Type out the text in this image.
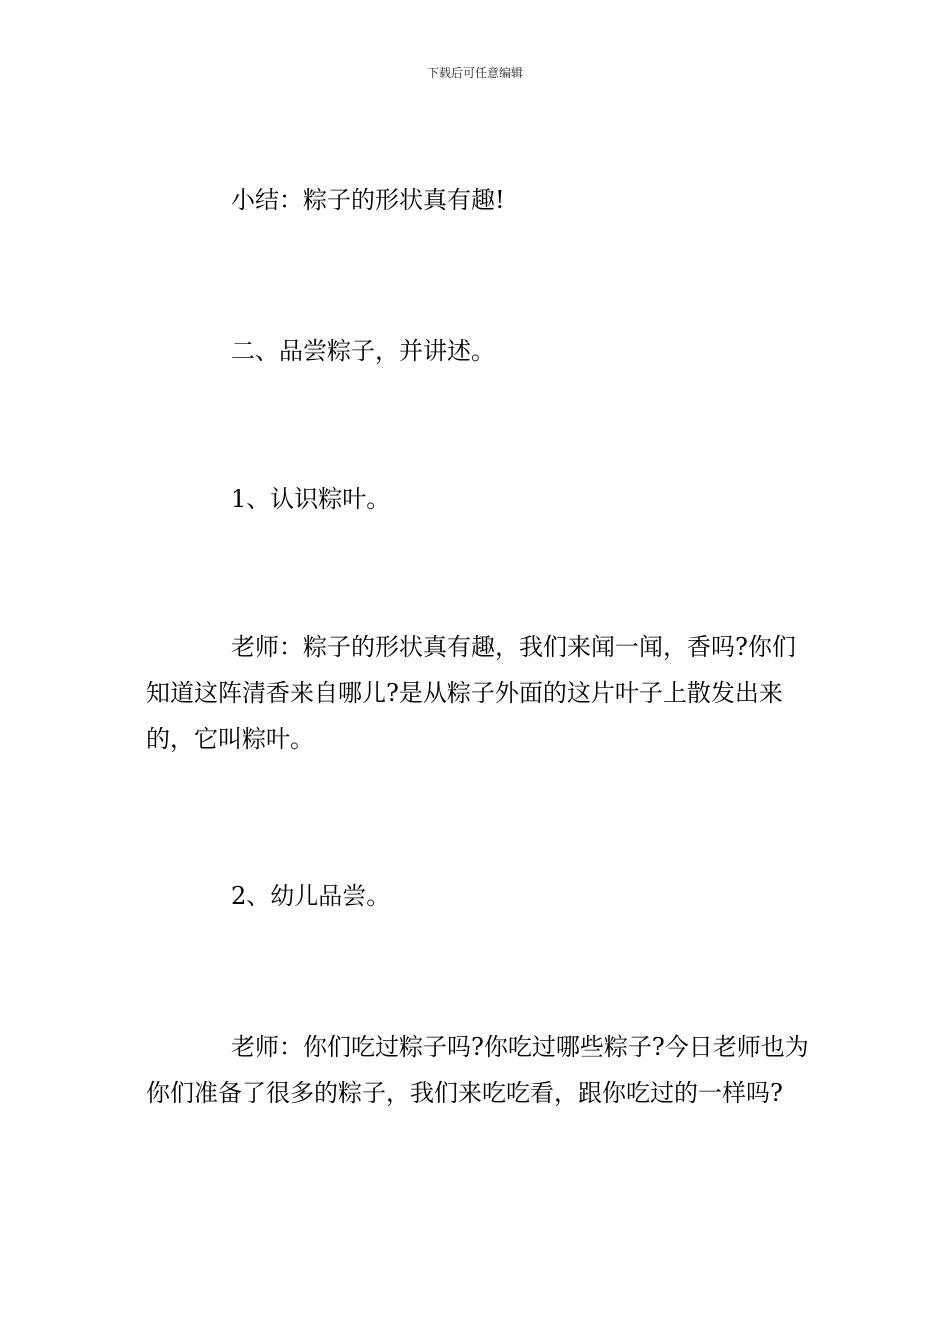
下载后可任意编辑

小结：粽子的形状真有趣!

二、品尝粽子，并讲述。

1、认识粽叶。

老师：粽子的形状真有趣，我们来闻一闻，香吗?你们知道这阵清香来自哪儿?是从粽子外面的这片叶子上散发出来的，它叫粽叶。

2、幼儿品尝。

老师：你们吃过粽子吗?你吃过哪些粽子?今日老师也为你们准备了很多的粽子，我们来吃吃看，跟你吃过的一样吗?
